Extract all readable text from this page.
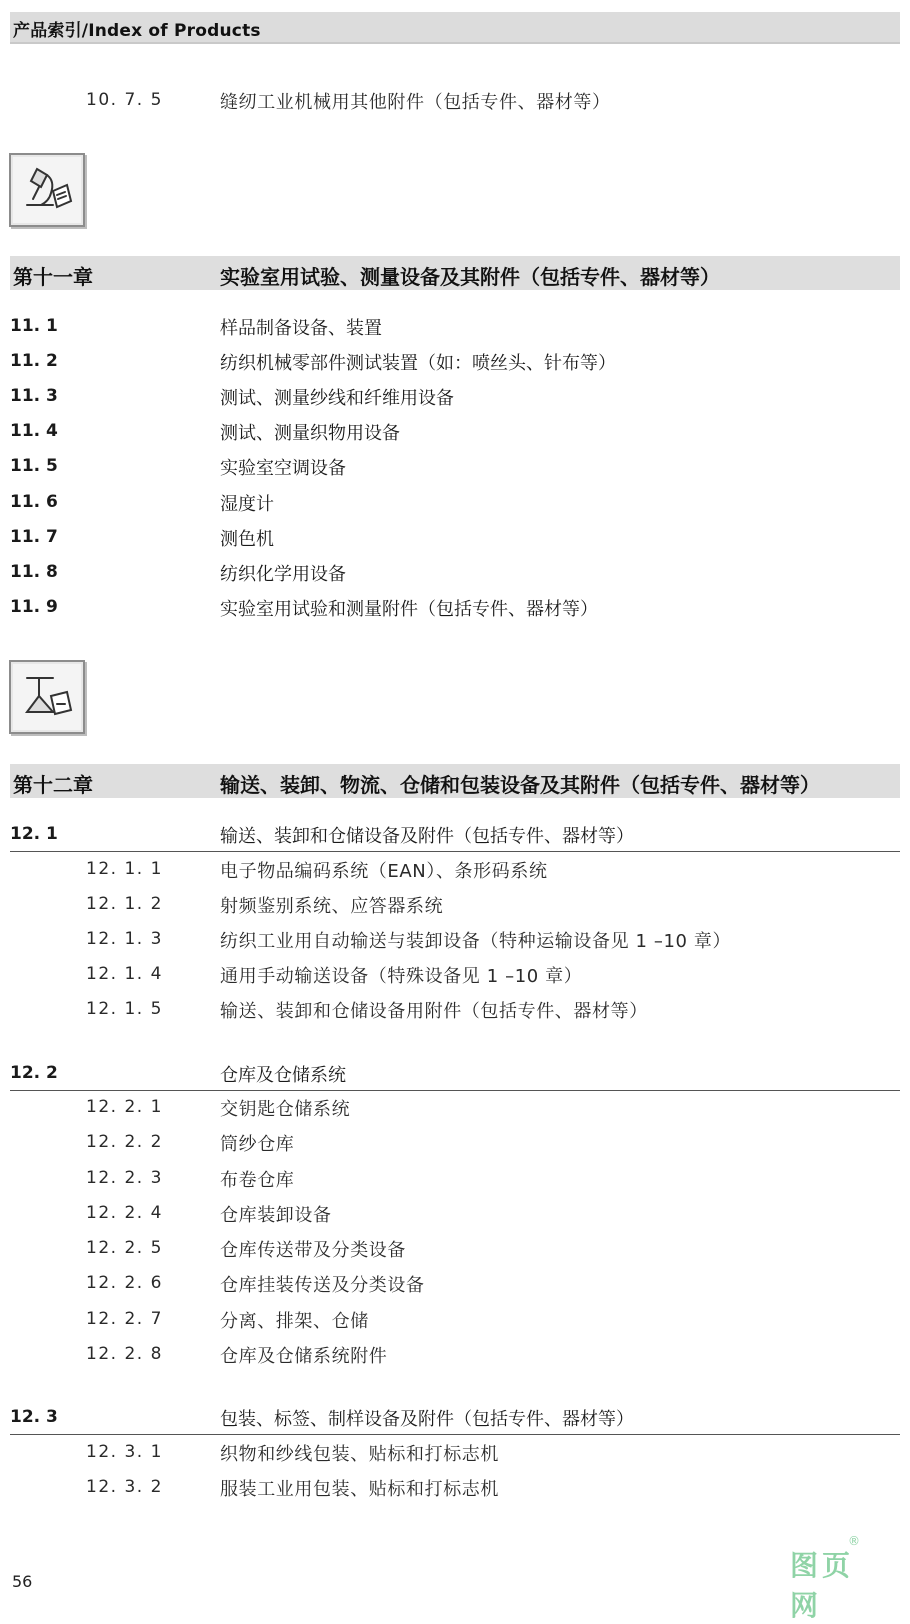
产品索引/Index of Products
10. 7. 5	缝纫工业机械用其他附件（包括专件、器材等）
第十一章	实验室用试验、测量设备及其附件（包括专件、器材等）
11. 1	样品制备设备、装置
11. 2	纺织机械零部件测试装置（如：喷丝头、针布等）
11. 3	测试、测量纱线和纤维用设备
11. 4	测试、测量织物用设备
11. 5	实验室空调设备
11. 6	湿度计
11. 7	测色机
11. 8	纺织化学用设备
11. 9	实验室用试验和测量附件（包括专件、器材等）
第十二章	输送、装卸、物流、仓储和包装设备及其附件（包括专件、器材等）
12. 1	输送、装卸和仓储设备及附件（包括专件、器材等）
12. 1. 1	电子物品编码系统（EAN）、条形码系统
12. 1. 2	射频鉴别系统、应答器系统
12. 1. 3	纺织工业用自动输送与装卸设备（特种运输设备见 1 –10 章）
12. 1. 4	通用手动输送设备（特殊设备见 1 –10 章）
12. 1. 5	输送、装卸和仓储设备用附件（包括专件、器材等）
12. 2	仓库及仓储系统
12. 2. 1	交钥匙仓储系统
12. 2. 2	筒纱仓库
12. 2. 3	布卷仓库
12. 2. 4	仓库装卸设备
12. 2. 5	仓库传送带及分类设备
12. 2. 6	仓库挂装传送及分类设备
12. 2. 7	分离、排架、仓储
12. 2. 8	仓库及仓储系统附件
12. 3	包装、标签、制样设备及附件（包括专件、器材等）
12. 3. 1	织物和纱线包装、贴标和打标志机
12. 3. 2	服装工业用包装、贴标和打标志机
56	图页网
®
